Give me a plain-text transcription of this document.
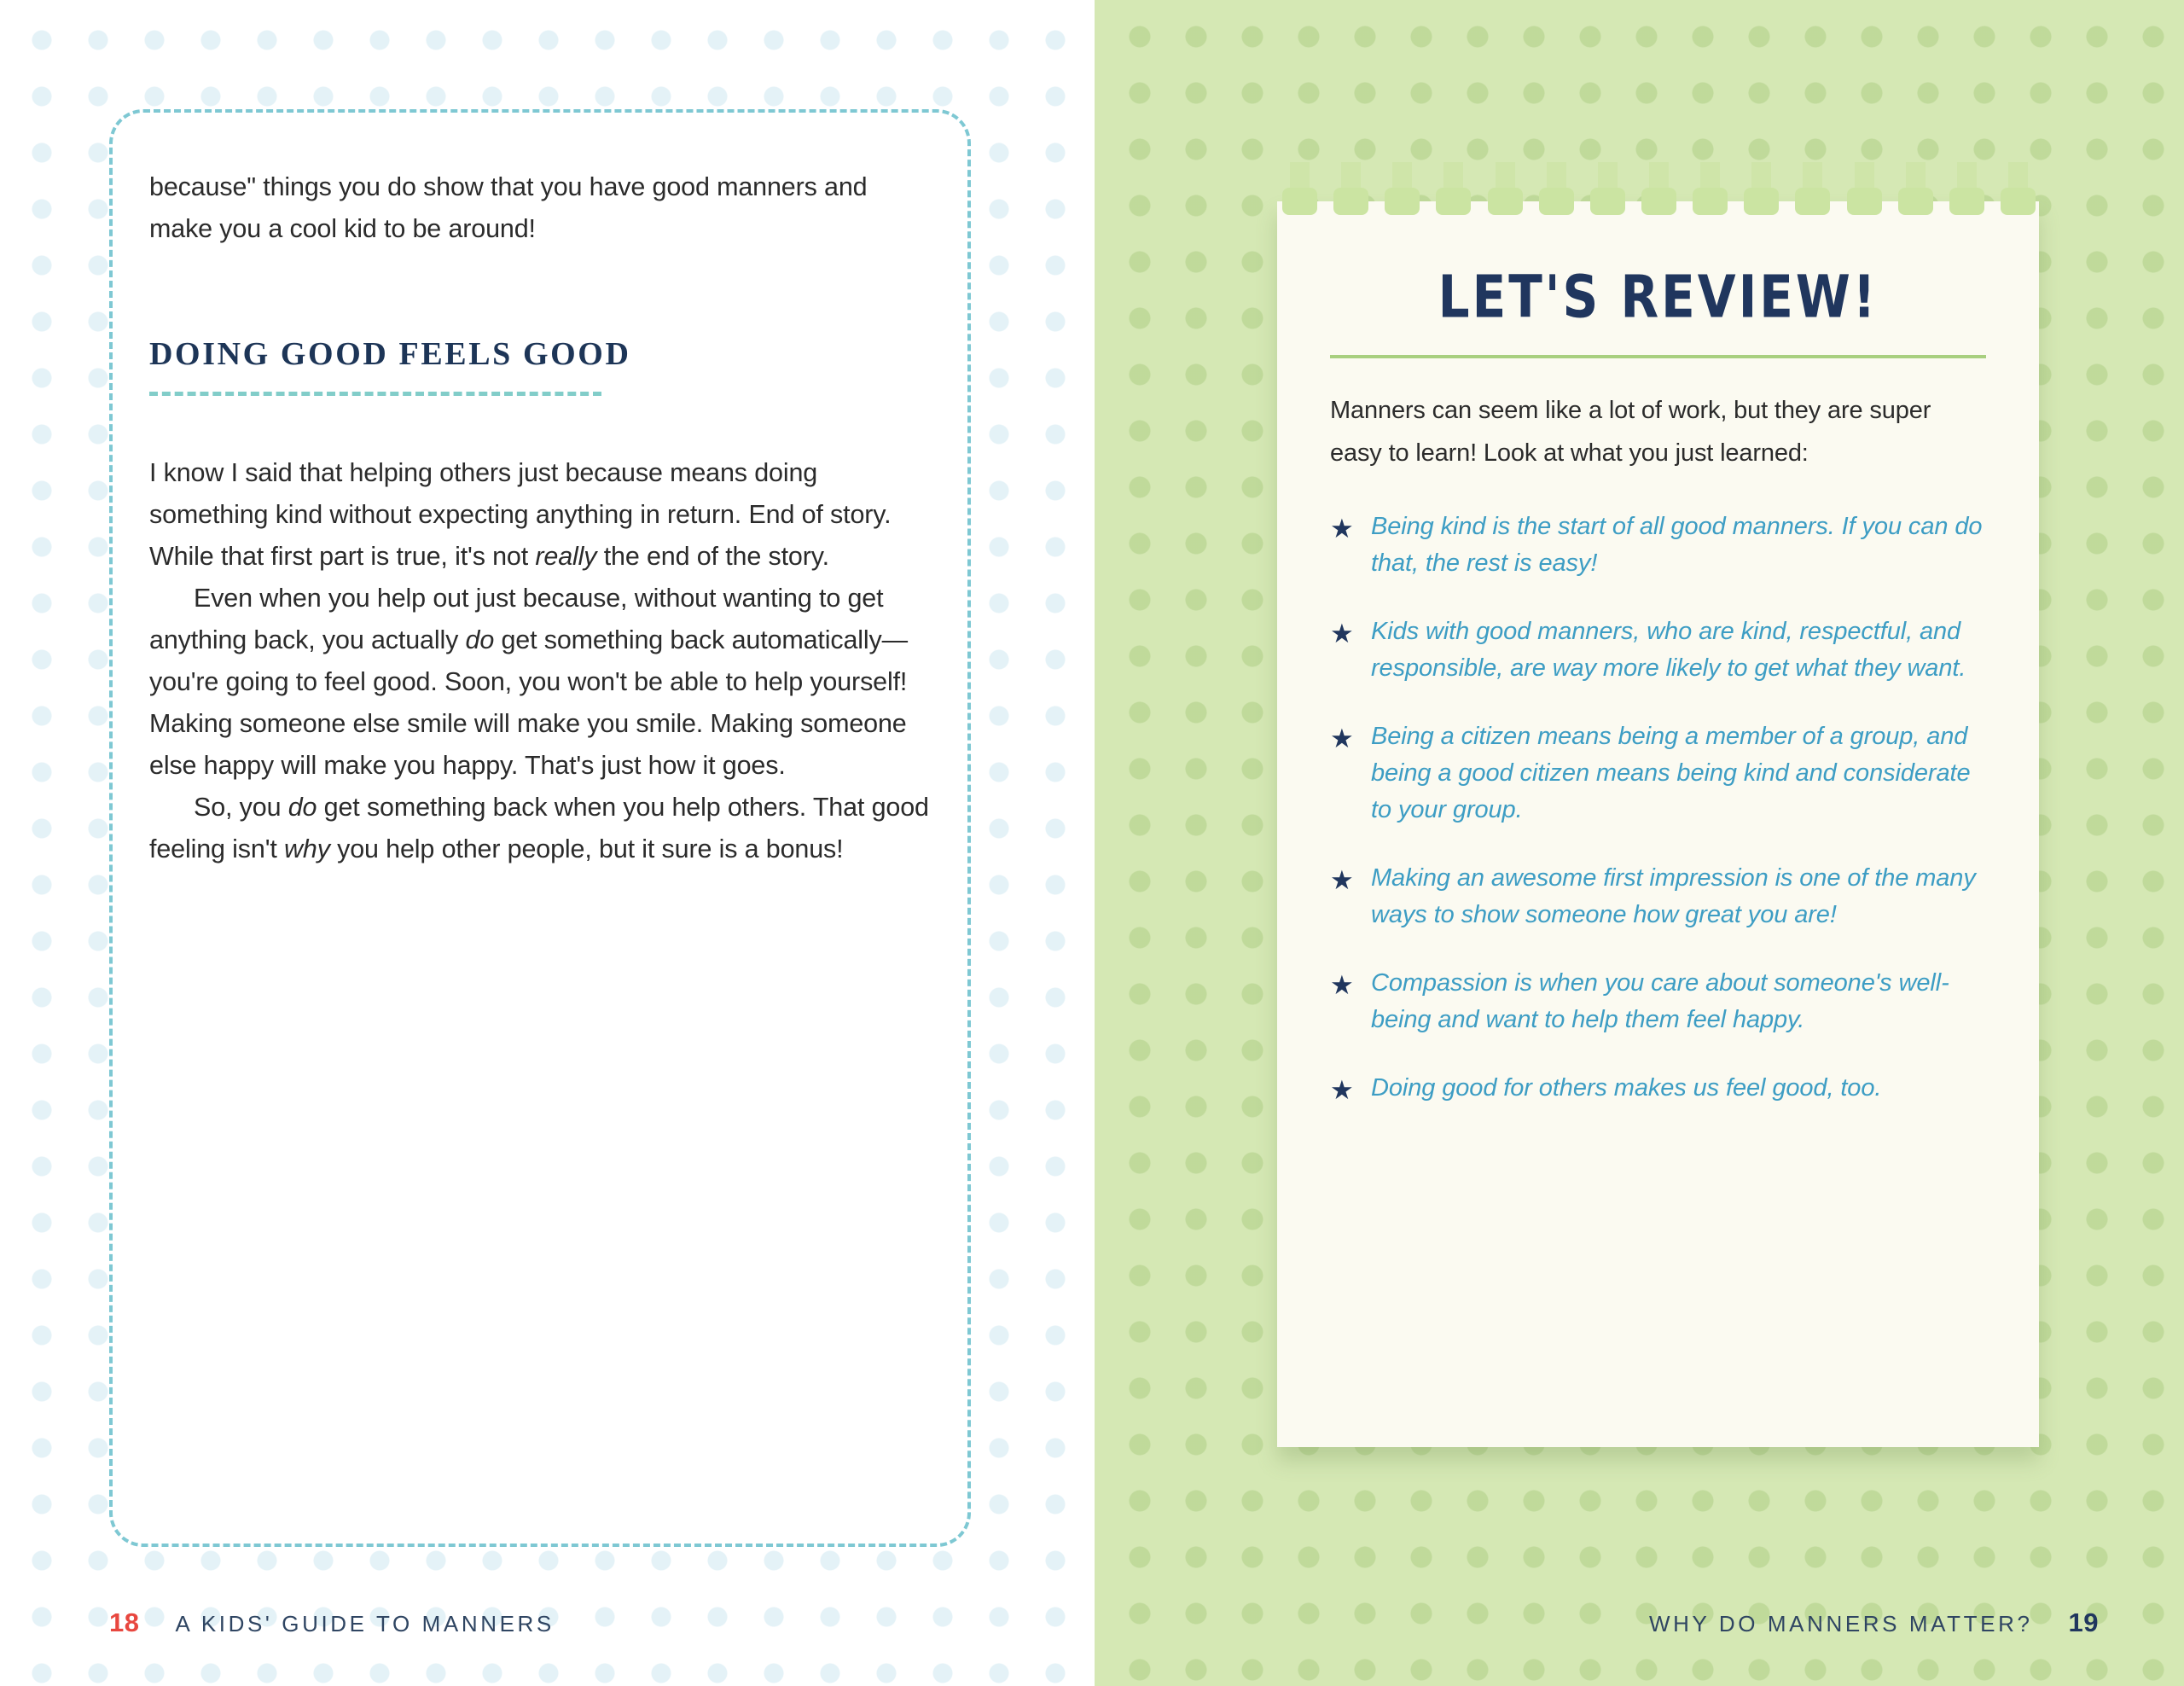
because" things you do show that you have good manners and make you a cool kid to be around!

DOING GOOD FEELS GOOD

I know I said that helping others just because means doing something kind without expecting anything in return. End of story. While that first part is true, it's not really the end of the story.

Even when you help out just because, without wanting to get anything back, you actually do get something back automatically—you're going to feel good. Soon, you won't be able to help yourself! Making someone else smile will make you smile. Making someone else happy will make you happy. That's just how it goes.

So, you do get something back when you help others. That good feeling isn't why you help other people, but it sure is a bonus!

18 A KIDS' GUIDE TO MANNERS
LET'S REVIEW!

Manners can seem like a lot of work, but they are super easy to learn! Look at what you just learned:

★ Being kind is the start of all good manners. If you can do that, the rest is easy!
★ Kids with good manners, who are kind, respectful, and responsible, are way more likely to get what they want.
★ Being a citizen means being a member of a group, and being a good citizen means being kind and considerate to your group.
★ Making an awesome first impression is one of the many ways to show someone how great you are!
★ Compassion is when you care about someone's well-being and want to help them feel happy.
★ Doing good for others makes us feel good, too.
WHY DO MANNERS MATTER? 19
